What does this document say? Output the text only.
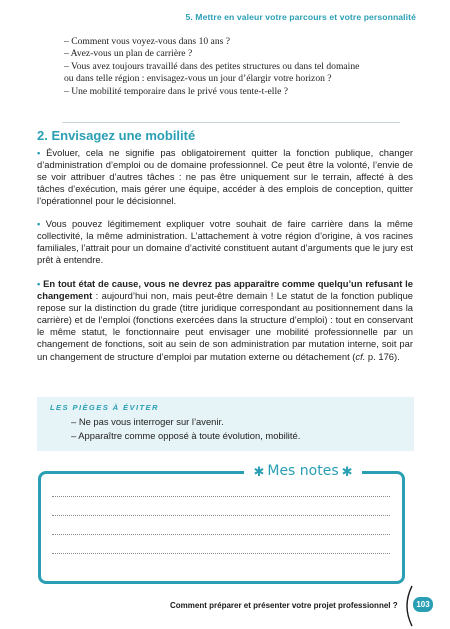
5. Mettre en valeur votre parcours et votre personnalité
– Comment vous voyez-vous dans 10 ans ?
– Avez-vous un plan de carrière ?
– Vous avez toujours travaillé dans des petites structures ou dans tel domaine
ou dans telle région : envisagez-vous un jour d’élargir votre horizon ?
– Une mobilité temporaire dans le privé vous tente-t-elle ?
2. Envisagez une mobilité
• Évoluer, cela ne signifie pas obligatoirement quitter la fonction publique, changer d’administration d’emploi ou de domaine professionnel. Ce peut être la volonté, l’envie de se voir attribuer d’autres tâches : ne pas être uniquement sur le terrain, affecté à des tâches d’exécution, mais gérer une équipe, accéder à des emplois de conception, quitter l’opérationnel pour le décisionnel.
• Vous pouvez légitimement expliquer votre souhait de faire carrière dans la même collectivité, la même administration. L’attachement à votre région d’origine, à vos racines familiales, l’attrait pour un domaine d’activité constituent autant d’arguments que le jury est prêt à entendre.
• En tout état de cause, vous ne devrez pas apparaître comme quelqu’un refusant le changement : aujourd’hui non, mais peut-être demain ! Le statut de la fonction publique repose sur la distinction du grade (titre juridique correspondant au positionnement dans la carrière) et de l’emploi (fonctions exercées dans la structure d’emploi) : tout en conservant le même statut, le fonctionnaire peut envisager une mobilité professionnelle par un changement de fonctions, soit au sein de son administration par mutation interne, soit par un changement de structure d’emploi par mutation externe ou détachement (cf. p. 176).
LES PIÈGES À ÉVITER
– Ne pas vous interroger sur l’avenir.
– Apparaître comme opposé à toute évolution, mobilité.
✱ Mes notes ✱
Comment préparer et présenter votre projet professionnel ?	103
